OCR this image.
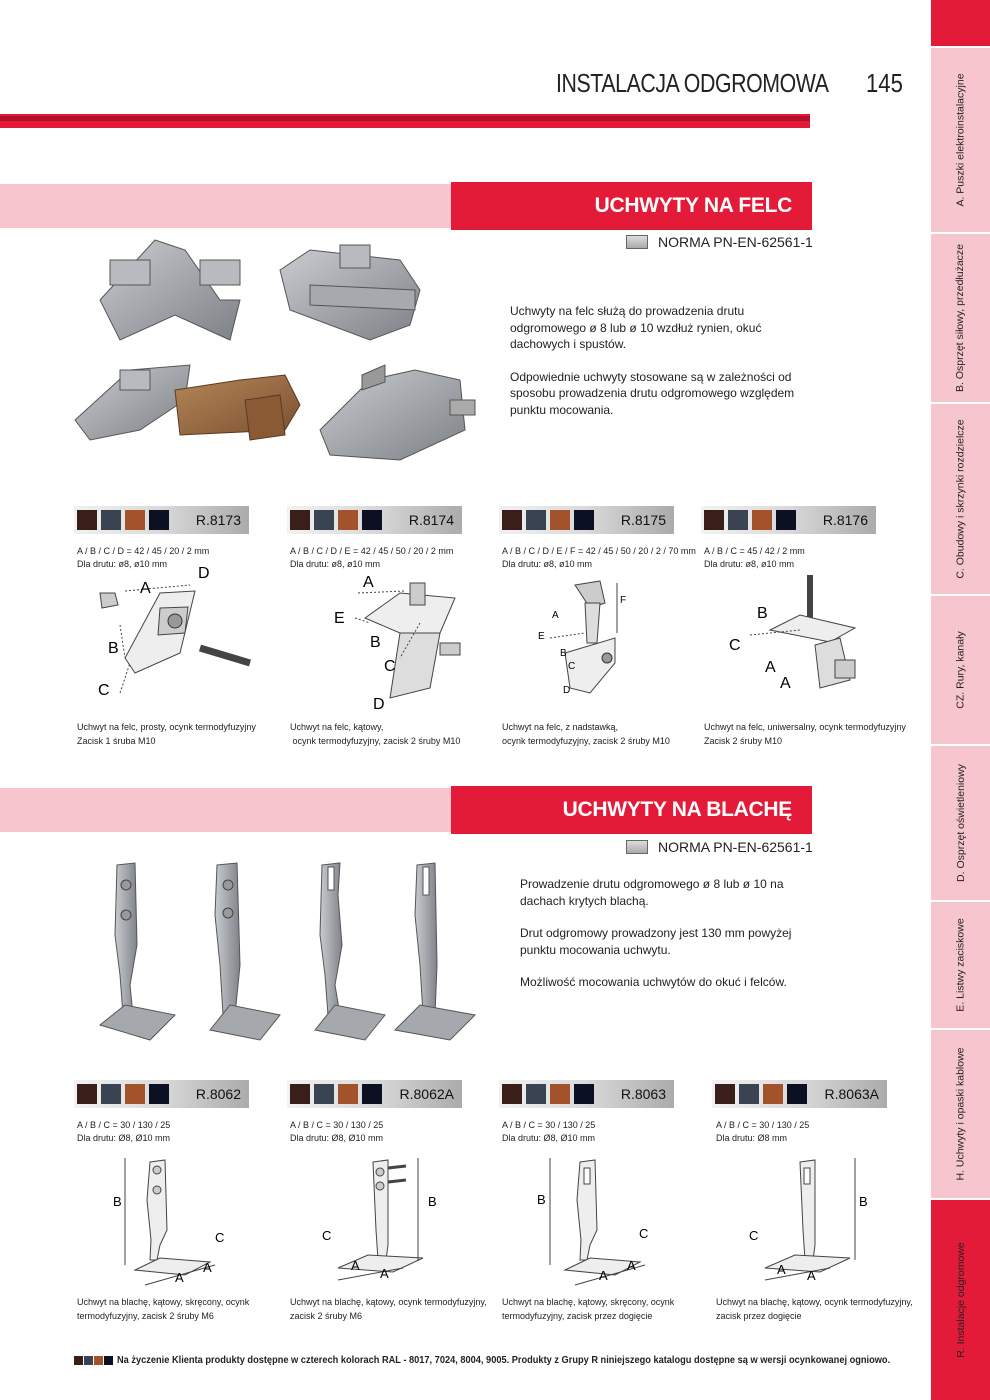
A. Puszki elektroinstalacyjne
B. Osprzęt siłowy, przedłużacze
C. Obudowy i skrzynki rozdzielcze
CZ. Rury, kanały
D. Osprzęt oświetleniowy
E. Listwy zaciskowe
H. Uchwyty i opaski kablowe
R. Instalacje odgromowe
INSTALACJA ODGROMOWA 145
UCHWYTY NA FELC
NORMA PN-EN-62561-1

Uchwyty na felc służą do prowadzenia drutu odgromowego ø 8 lub ø 10 wzdłuż rynien, okuć dachowych i spustów.

Odpowiednie uchwyty stosowane są w zależności od sposobu prowadzenia drutu odgromowego względem punktu mocowania.

R.8173	R.8174	R.8175	R.8176
A / B / C / D = 42 / 45 / 20 / 2 mm
Dla drutu: ø8, ø10 mm
A / B / C / D / E = 42 / 45 / 50 / 20 / 2 mm
Dla drutu: ø8, ø10 mm
A / B / C / D / E / F = 42 / 45 / 50 / 20 / 2 / 70 mm
Dla drutu: ø8, ø10 mm
A / B / C = 45 / 42 / 2 mm
Dla drutu: ø8, ø10 mm
A
D
B
C
A
E
B
C
D
A
F
E
B
C
D
B
C
A
A
Uchwyt na felc, prosty, ocynk termodyfuzyjny
Zacisk 1 śruba M10
Uchwyt na felc, kątowy,
ocynk termodyfuzyjny, zacisk 2 śruby M10
Uchwyt na felc, z nadstawką,
ocynk termodyfuzyjny, zacisk 2 śruby M10
Uchwyt na felc, uniwersalny, ocynk termodyfuzyjny
Zacisk 2 śruby M10
UCHWYTY NA BLACHĘ
NORMA PN-EN-62561-1

Prowadzenie drutu odgromowego ø 8 lub ø 10 na dachach krytych blachą.

Drut odgromowy prowadzony jest 130 mm powyżej punktu mocowania uchwytu.

Możliwość mocowania uchwytów do okuć i felców.

R.8062	R.8062A	R.8063	R.8063A
A / B / C = 30 / 130 / 25
Dla drutu: Ø8, Ø10 mm
A / B / C = 30 / 130 / 25
Dla drutu: Ø8, Ø10 mm
A / B / C = 30 / 130 / 25
Dla drutu: Ø8, Ø10 mm
A / B / C = 30 / 130 / 25
Dla drutu: Ø8 mm
B
C
A
A
C
B
A
A
B
C
A
A
C
B
A A
Uchwyt na blachę, kątowy, skręcony, ocynk
termodyfuzyjny, zacisk 2 śruby M6
Uchwyt na blachę, kątowy, ocynk termodyfuzyjny,
zacisk 2 śruby M6
Uchwyt na blachę, kątowy, skręcony, ocynk
termodyfuzyjny, zacisk przez dogięcie
Uchwyt na blachę, kątowy, ocynk termodyfuzyjny,
zacisk przez dogięcie
Na życzenie Klienta produkty dostępne w czterech kolorach RAL - 8017, 7024, 8004, 9005. Produkty z Grupy R niniejszego katalogu dostępne są w wersji ocynkowanej ogniowo.
